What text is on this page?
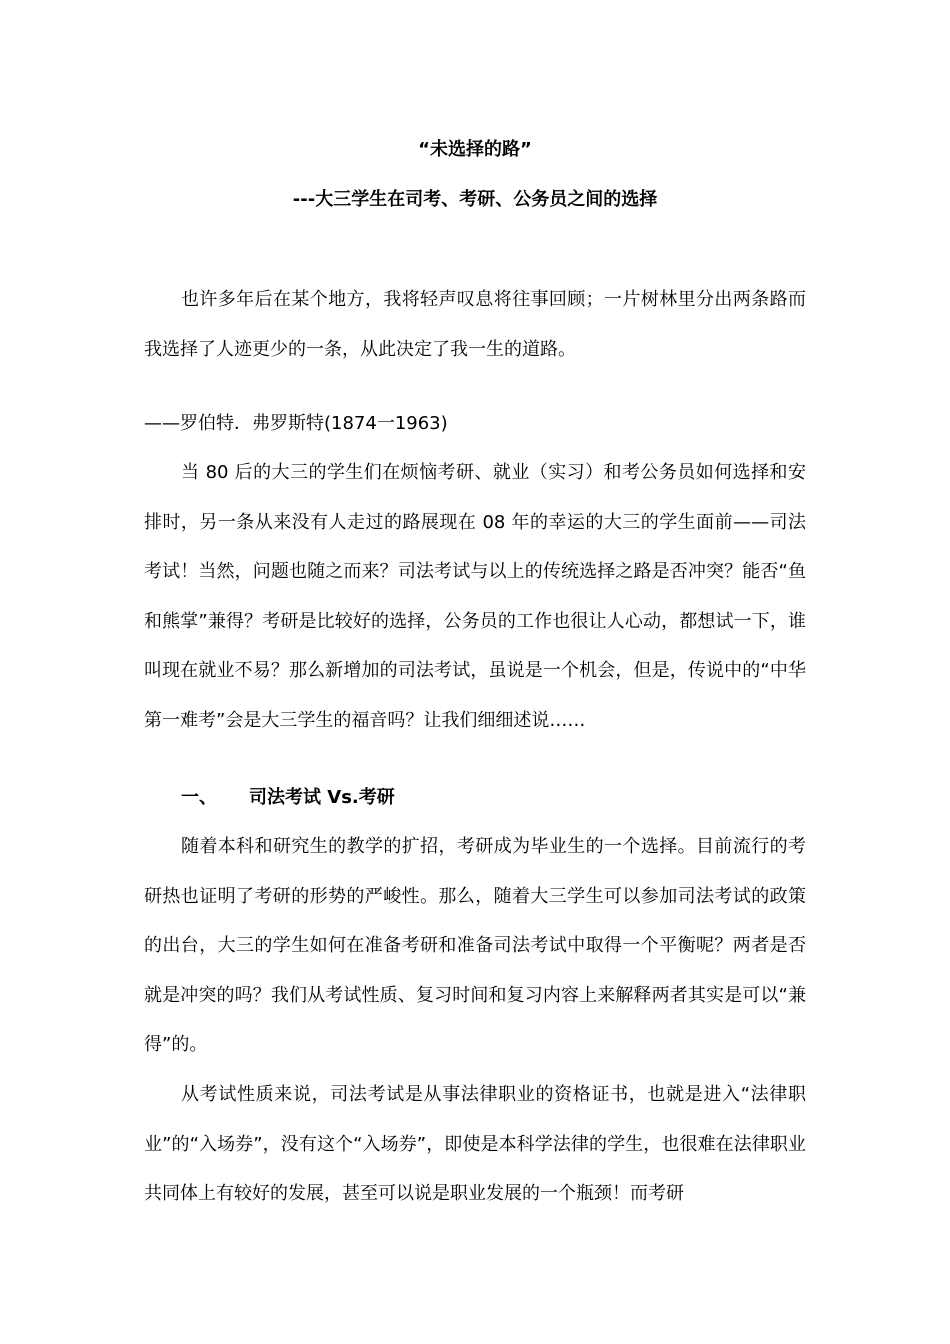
“未选择的路”
---大三学生在司考、考研、公务员之间的选择

也许多年后在某个地方，我将轻声叹息将往事回顾；一片树林里分出两条路而我选择了人迹更少的一条，从此决定了我一生的道路。

——罗伯特．弗罗斯特(1874一1963)

当 80 后的大三的学生们在烦恼考研、就业（实习）和考公务员如何选择和安排时，另一条从来没有人走过的路展现在 08 年的幸运的大三的学生面前——司法考试！当然，问题也随之而来？司法考试与以上的传统选择之路是否冲突？能否“鱼和熊掌”兼得？考研是比较好的选择，公务员的工作也很让人心动，都想试一下，谁叫现在就业不易？那么新增加的司法考试，虽说是一个机会，但是，传说中的“中华第一难考”会是大三学生的福音吗？让我们细细述说……

一、 司法考试 Vs.考研

随着本科和研究生的教学的扩招，考研成为毕业生的一个选择。目前流行的考研热也证明了考研的形势的严峻性。那么，随着大三学生可以参加司法考试的政策的出台，大三的学生如何在准备考研和准备司法考试中取得一个平衡呢？两者是否就是冲突的吗？我们从考试性质、复习时间和复习内容上来解释两者其实是可以“兼得”的。

从考试性质来说，司法考试是从事法律职业的资格证书，也就是进入“法律职业”的“入场券”，没有这个“入场券”，即使是本科学法律的学生，也很难在法律职业共同体上有较好的发展，甚至可以说是职业发展的一个瓶颈！而考研
